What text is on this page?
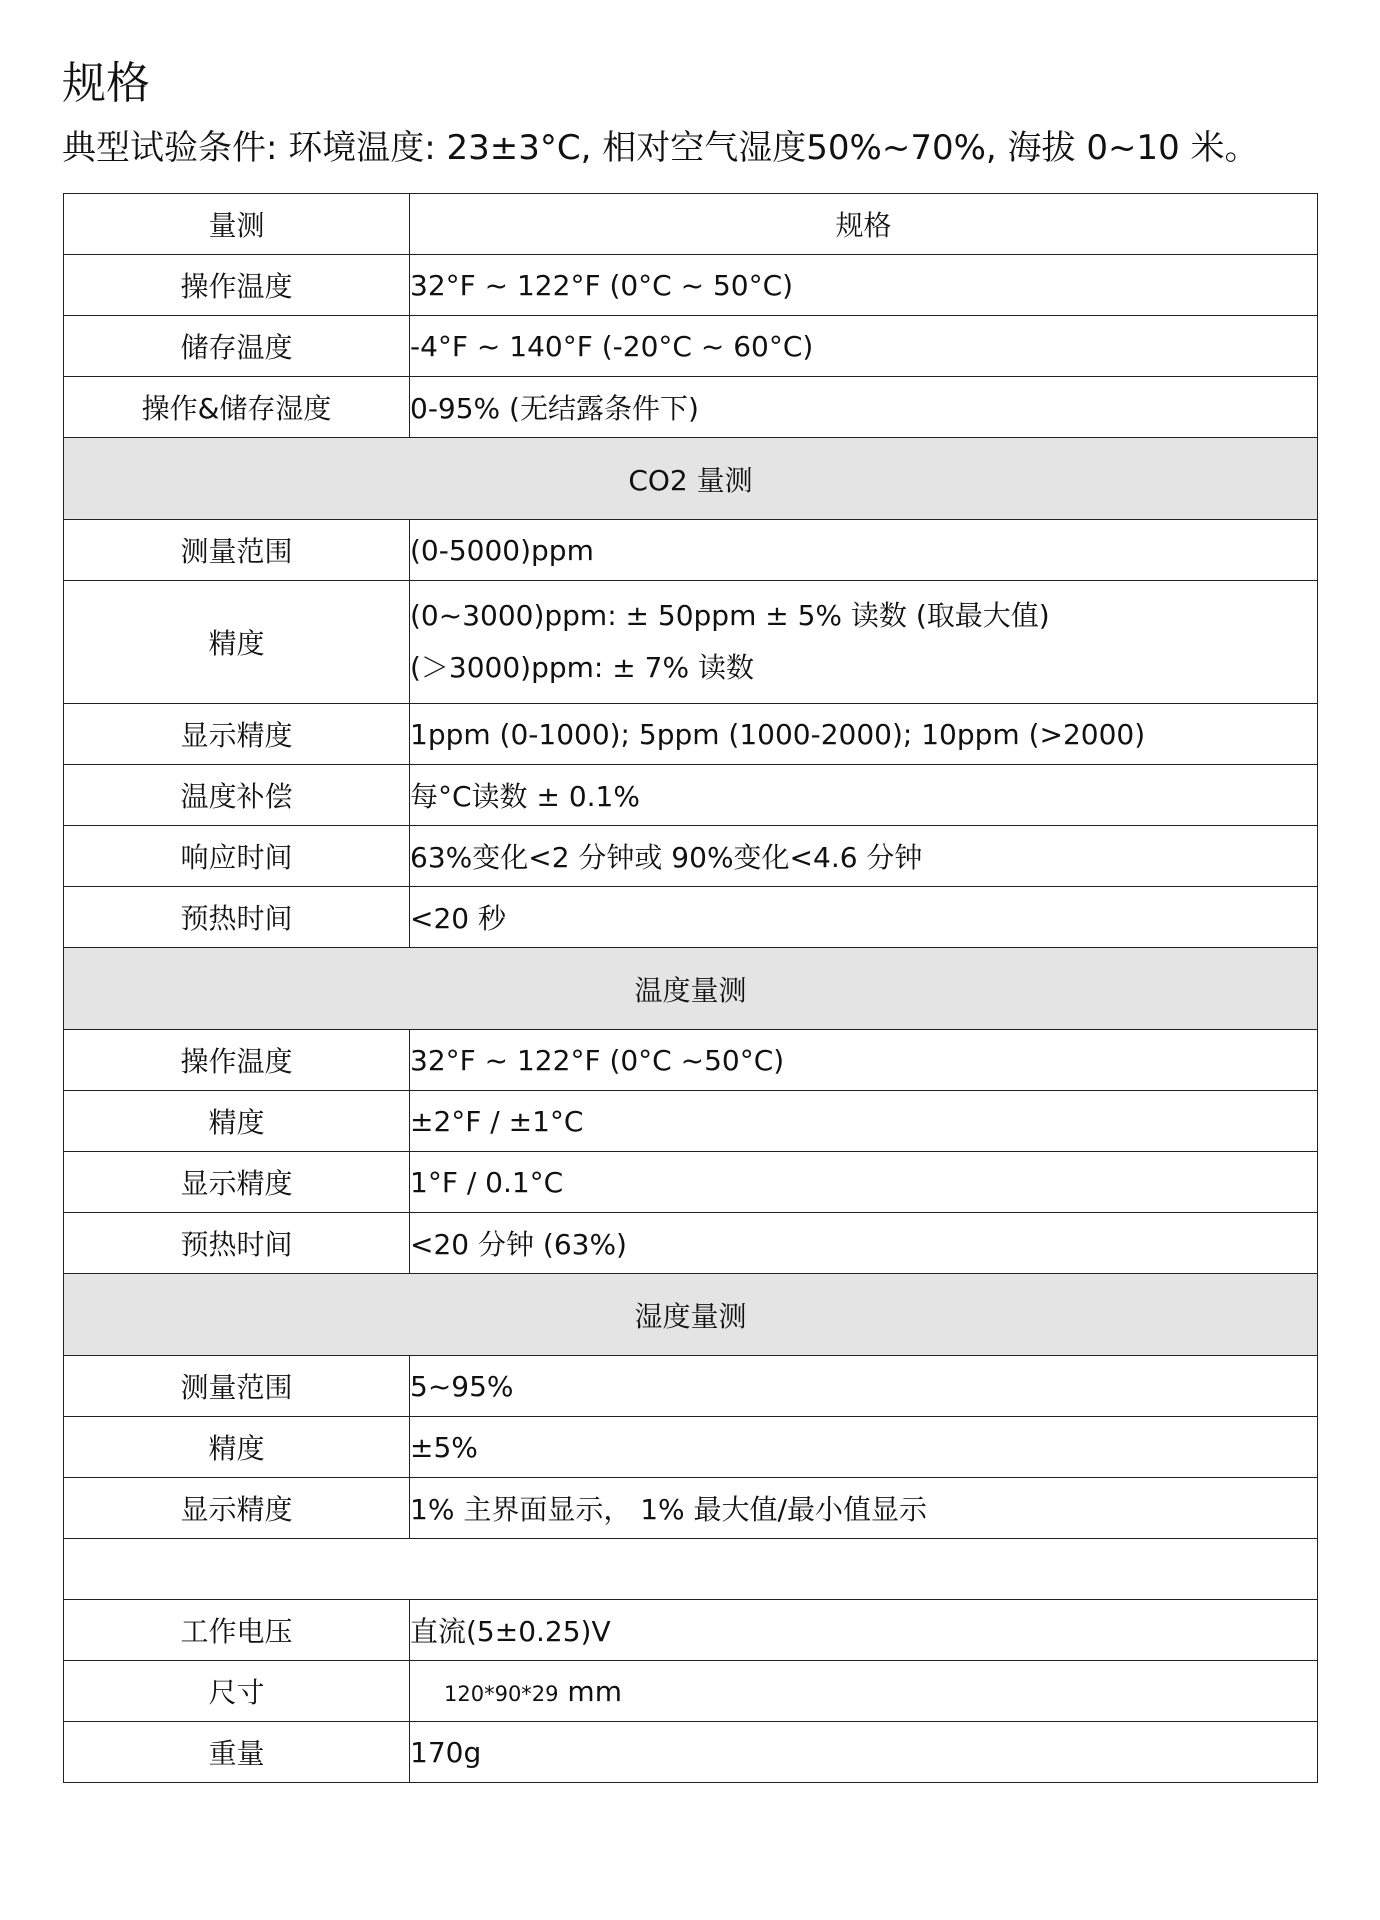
规格

典型试验条件: 环境温度: 23±3°C, 相对空气湿度50%~70%, 海拔 0~10 米。

量测	规格
操作温度	32°F ~ 122°F (0°C ~ 50°C)
储存温度	-4°F ~ 140°F (-20°C ~ 60°C)
操作&储存湿度	0-95% (无结露条件下)
CO2 量测	
测量范围	(0-5000)ppm
精度	(0~3000)ppm: ± 50ppm ± 5% 读数 (取最大值)
(＞3000)ppm: ± 7% 读数

显示精度	1ppm (0-1000); 5ppm (1000-2000); 10ppm (>2000)
温度补偿	每°C读数 ± 0.1%
响应时间	63%变化<2 分钟或 90%变化<4.6 分钟
预热时间	<20 秒
温度量测	
操作温度	32°F ~ 122°F (0°C ~50°C)
精度	±2°F / ±1°C
显示精度	1°F / 0.1°C
预热时间	<20 分钟 (63%)
湿度量测	
测量范围	5~95%
精度	±5%
显示精度	1% 主界面显示， 1% 最大值/最小值显示

工作电压	直流(5±0.25)V
尺寸	120*90*29 mm
重量	170g
